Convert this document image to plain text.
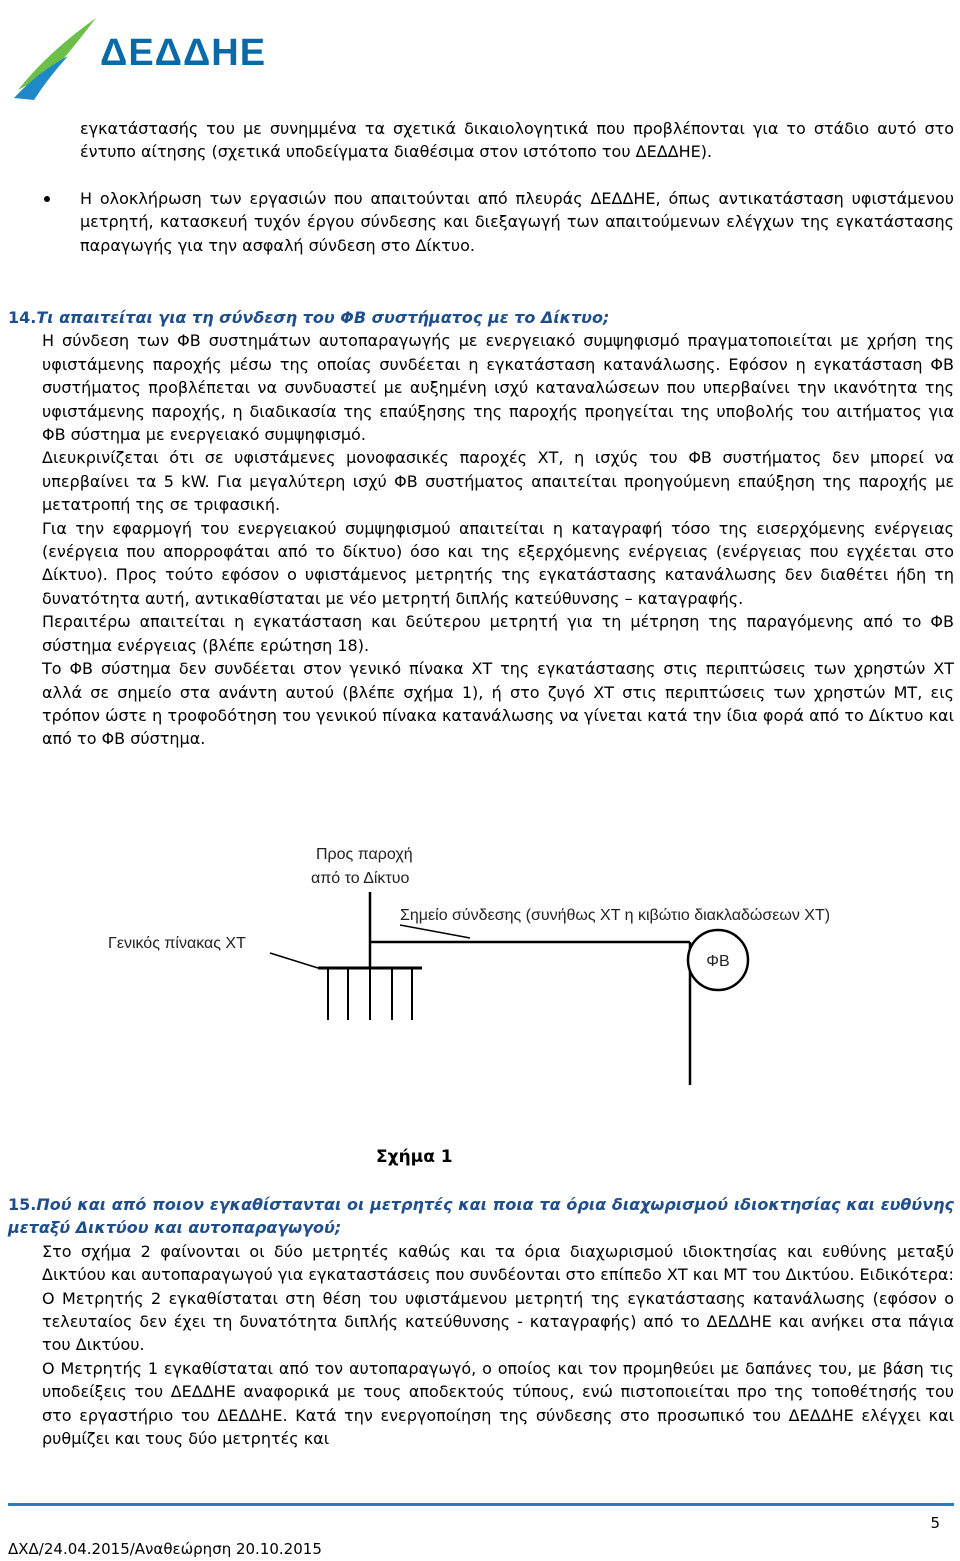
ΔΕΔΔΗΕ

εγκατάστασής του με συνημμένα τα σχετικά δικαιολογητικά που προβλέπονται για το στάδιο αυτό στο έντυπο αίτησης (σχετικά υποδείγματα διαθέσιμα στον ιστότοπο του ΔΕΔΔΗΕ).

Η ολοκλήρωση των εργασιών που απαιτούνται από πλευράς ΔΕΔΔΗΕ, όπως αντικατάσταση υφιστάμενου μετρητή, κατασκευή τυχόν έργου σύνδεσης και διεξαγωγή των απαιτούμενων ελέγχων της εγκατάστασης παραγωγής για την ασφαλή σύνδεση στο Δίκτυο.

14.Τι απαιτείται για τη σύνδεση του ΦΒ συστήματος με το Δίκτυο;

Η σύνδεση των ΦΒ συστημάτων αυτοπαραγωγής με ενεργειακό συμψηφισμό πραγματοποιείται με χρήση της υφιστάμενης παροχής μέσω της οποίας συνδέεται η εγκατάσταση κατανάλωσης. Εφόσον η εγκατάσταση ΦΒ συστήματος προβλέπεται να συνδυαστεί με αυξημένη ισχύ καταναλώσεων που υπερβαίνει την ικανότητα της υφιστάμενης παροχής, η διαδικασία της επαύξησης της παροχής προηγείται της υποβολής του αιτήματος για ΦΒ σύστημα με ενεργειακό συμψηφισμό.

Διευκρινίζεται ότι σε υφιστάμενες μονοφασικές παροχές ΧΤ, η ισχύς του ΦΒ συστήματος δεν μπορεί να υπερβαίνει τα 5 kW. Για μεγαλύτερη ισχύ ΦΒ συστήματος απαιτείται προηγούμενη επαύξηση της παροχής με μετατροπή της σε τριφασική.

Για την εφαρμογή του ενεργειακού συμψηφισμού απαιτείται η καταγραφή τόσο της εισερχόμενης ενέργειας (ενέργεια που απορροφάται από το δίκτυο) όσο και της εξερχόμενης ενέργειας (ενέργειας που εγχέεται στο Δίκτυο). Προς τούτο εφόσον ο υφιστάμενος μετρητής της εγκατάστασης κατανάλωσης δεν διαθέτει ήδη τη δυνατότητα αυτή, αντικαθίσταται με νέο μετρητή διπλής κατεύθυνσης – καταγραφής.

Περαιτέρω απαιτείται η εγκατάσταση και δεύτερου μετρητή για τη μέτρηση της παραγόμενης από το ΦΒ σύστημα ενέργειας (βλέπε ερώτηση 18).

Το ΦΒ σύστημα δεν συνδέεται στον γενικό πίνακα ΧΤ της εγκατάστασης στις περιπτώσεις των χρηστών ΧΤ αλλά σε σημείο στα ανάντη αυτού (βλέπε σχήμα 1), ή στο ζυγό ΧΤ στις περιπτώσεις των χρηστών ΜΤ, εις τρόπον ώστε η τροφοδότηση του γενικού πίνακα κατανάλωσης να γίνεται κατά την ίδια φορά από το Δίκτυο και από το ΦΒ σύστημα.

Προς παροχή
από το Δίκτυο
Σημείο σύνδεσης (συνήθως ΧΤ η κιβώτιο διακλαδώσεων ΧΤ)
Γενικός πίνακας ΧΤ
ΦΒ
Σχήμα 1

15.Πού και από ποιον εγκαθίστανται οι μετρητές και ποια τα όρια διαχωρισμού ιδιοκτησίας και ευθύνης μεταξύ Δικτύου και αυτοπαραγωγού;

Στο σχήμα 2 φαίνονται οι δύο μετρητές καθώς και τα όρια διαχωρισμού ιδιοκτησίας και ευθύνης μεταξύ Δικτύου και αυτοπαραγωγού για εγκαταστάσεις που συνδέονται στο επίπεδο ΧΤ και ΜΤ του Δικτύου. Ειδικότερα:

Ο Μετρητής 2 εγκαθίσταται στη θέση του υφιστάμενου μετρητή της εγκατάστασης κατανάλωσης (εφόσον ο τελευταίος δεν έχει τη δυνατότητα διπλής κατεύθυνσης - καταγραφής) από το ΔΕΔΔΗΕ και ανήκει στα πάγια του Δικτύου.

Ο Μετρητής 1 εγκαθίσταται από τον αυτοπαραγωγό, ο οποίος και τον προμηθεύει με δαπάνες του, με βάση τις υποδείξεις του ΔΕΔΔΗΕ αναφορικά με τους αποδεκτούς τύπους, ενώ πιστοποιείται προ της τοποθέτησής του στο εργαστήριο του ΔΕΔΔΗΕ. Κατά την ενεργοποίηση της σύνδεσης στο προσωπικό του ΔΕΔΔΗΕ ελέγχει και ρυθμίζει και τους δύο μετρητές και

5
ΔΧΔ/24.04.2015/Αναθεώρηση 20.10.2015
